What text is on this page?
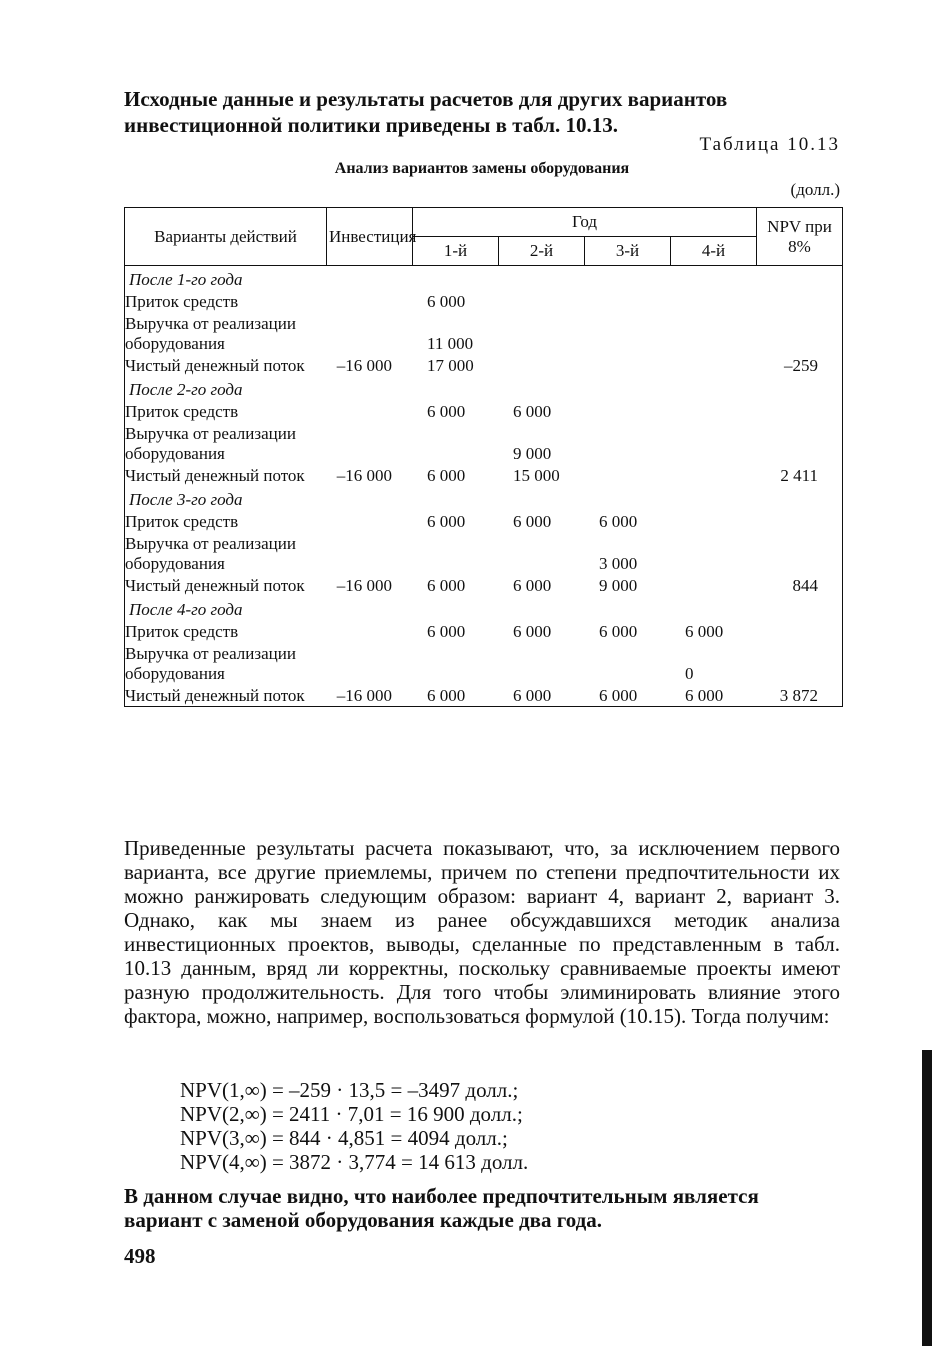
Исходные данные и результаты расчетов для других вариантов инвестиционной политики приведены в табл. 10.13.

Таблица 10.13
Анализ вариантов замены оборудования
(долл.)
Варианты действий	Инвестиция	Год				NPV при 8%
		1-й	2-й	3-й	4-й	
После 1-го года						
Приток средств		6 000				
Выручка от реализации оборудования		11 000				
Чистый денежный поток	–16 000	17 000				–259
После 2-го года						
Приток средств		6 000	6 000			
Выручка от реализации оборудования			9 000			
Чистый денежный поток	–16 000	6 000	15 000			2 411
После 3-го года						
Приток средств		6 000	6 000	6 000		
Выручка от реализации оборудования				3 000		
Чистый денежный поток	–16 000	6 000	6 000	9 000		844
После 4-го года						
Приток средств		6 000	6 000	6 000	6 000	
Выручка от реализации оборудования					0	
Чистый денежный поток	–16 000	6 000	6 000	6 000	6 000	3 872

Приведенные результаты расчета показывают, что, за исключением первого варианта, все другие приемлемы, причем по степени предпочтительности их можно ранжировать следующим образом: вариант 4, вариант 2, вариант 3. Однако, как мы знаем из ранее обсуждавшихся методик анализа инвестиционных проектов, выводы, сделанные по представленным в табл. 10.13 данным, вряд ли корректны, поскольку сравниваемые проекты имеют разную продолжительность. Для того чтобы элиминировать влияние этого фактора, можно, например, воспользоваться формулой (10.15). Тогда получим:

NPV(1,∞) = –259 · 13,5 = –3497 долл.;
NPV(2,∞) = 2411 · 7,01 = 16 900 долл.;
NPV(3,∞) = 844 · 4,851 = 4094 долл.;
NPV(4,∞) = 3872 · 3,774 = 14 613 долл.

В данном случае видно, что наиболее предпочтительным является вариант с заменой оборудования каждые два года.

498
